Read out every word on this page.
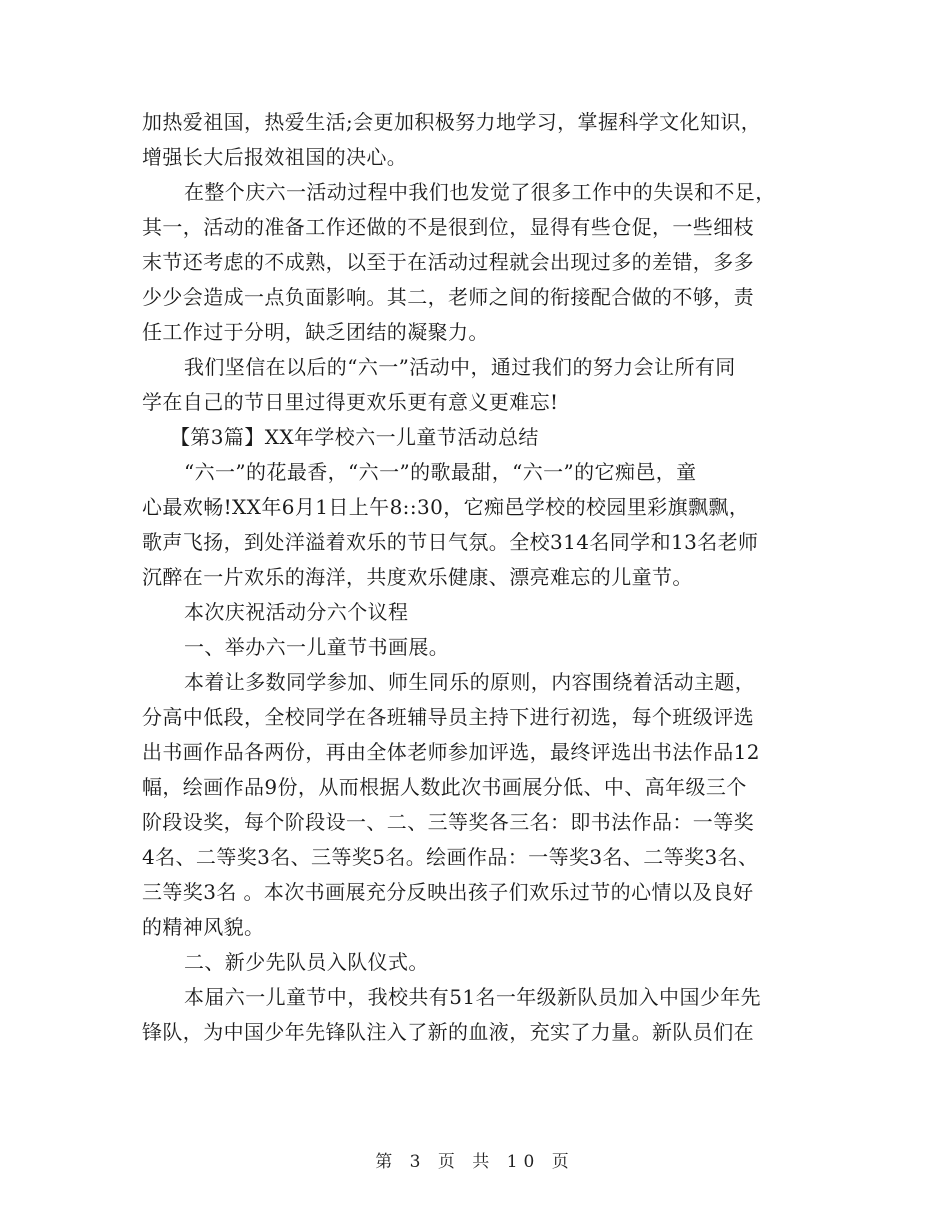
加热爱祖国，热爱生活;会更加积极努力地学习，掌握科学文化知识，
增强长大后报效祖国的决心。
在整个庆六一活动过程中我们也发觉了很多工作中的失误和不足，
其一，活动的准备工作还做的不是很到位，显得有些仓促，一些细枝
末节还考虑的不成熟，以至于在活动过程就会出现过多的差错，多多
少少会造成一点负面影响。其二，老师之间的衔接配合做的不够，责
任工作过于分明，缺乏团结的凝聚力。
我们坚信在以后的“六一”活动中，通过我们的努力会让所有同
学在自己的节日里过得更欢乐更有意义更难忘!
【第3篇】XX年学校六一儿童节活动总结
“六一”的花最香，“六一”的歌最甜，“六一”的它痴邑，童
心最欢畅!XX年6月1日上午8::30，它痴邑学校的校园里彩旗飘飘，
歌声飞扬，到处洋溢着欢乐的节日气氛。全校314名同学和13名老师
沉醉在一片欢乐的海洋，共度欢乐健康、漂亮难忘的儿童节。
本次庆祝活动分六个议程
一、举办六一儿童节书画展。
本着让多数同学参加、师生同乐的原则，内容围绕着活动主题，
分高中低段，全校同学在各班辅导员主持下进行初选，每个班级评选
出书画作品各两份，再由全体老师参加评选，最终评选出书法作品12
幅，绘画作品9份，从而根据人数此次书画展分低、中、高年级三个
阶段设奖，每个阶段设一、二、三等奖各三名：即书法作品：一等奖
4名、二等奖3名、三等奖5名。绘画作品：一等奖3名、二等奖3名、
三等奖3名 。本次书画展充分反映出孩子们欢乐过节的心情以及良好
的精神风貌。
二、新少先队员入队仪式。
本届六一儿童节中，我校共有51名一年级新队员加入中国少年先
锋队，为中国少年先锋队注入了新的血液，充实了力量。新队员们在
第 3 页 共 10 页
